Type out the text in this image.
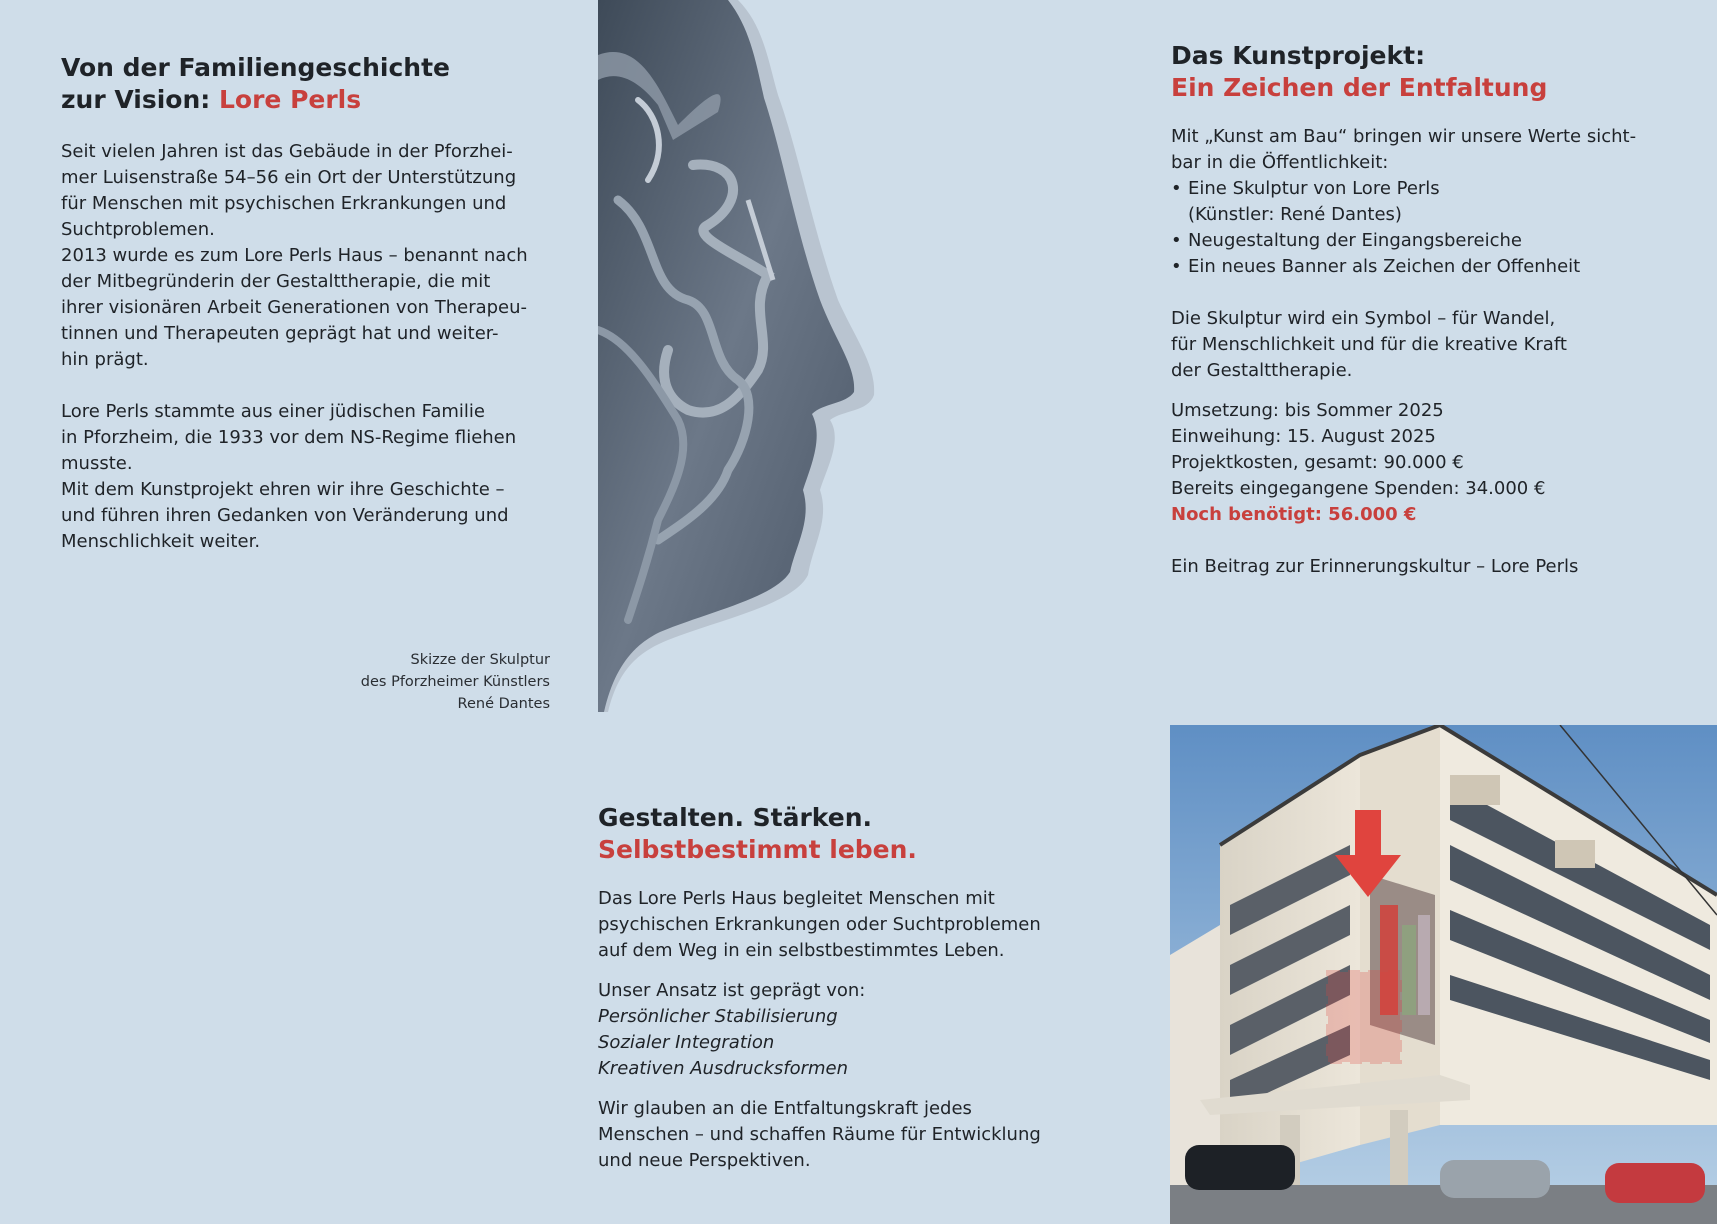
Von der Familiengeschichte
zur Vision: Lore Perls

Seit vielen Jahren ist das Gebäude in der Pforzhei-

mer Luisenstraße 54–56 ein Ort der Unterstützung

für Menschen mit psychischen Erkrankungen und

Suchtproblemen.

2013 wurde es zum Lore Perls Haus – benannt nach

der Mitbegründerin der Gestalttherapie, die mit

ihrer visionären Arbeit Generationen von Therapeu-

tinnen und Therapeuten geprägt hat und weiter-

hin prägt.

Lore Perls stammte aus einer jüdischen Familie

in Pforzheim, die 1933 vor dem NS-Regime fliehen

musste.

Mit dem Kunstprojekt ehren wir ihre Geschichte –

und führen ihren Gedanken von Veränderung und

Menschlichkeit weiter.

Skizze der Skulptur
des Pforzheimer Künstlers
René Dantes
Das Kunstprojekt:
Ein Zeichen der Entfaltung

Mit „Kunst am Bau“ bringen wir unsere Werte sicht-

bar in die Öffentlichkeit:

• Eine Skulptur von Lore Perls
(Künstler: René Dantes)
• Neugestaltung der Eingangsbereiche
• Ein neues Banner als Zeichen der Offenheit

Die Skulptur wird ein Symbol – für Wandel,

für Menschlichkeit und für die kreative Kraft

der Gestalttherapie.

Umsetzung: bis Sommer 2025

Einweihung: 15. August 2025

Projektkosten, gesamt: 90.000 €

Bereits eingegangene Spenden: 34.000 €

Noch benötigt: 56.000 €

Ein Beitrag zur Erinnerungskultur – Lore Perls

Gestalten. Stärken.
Selbstbestimmt leben.

Das Lore Perls Haus begleitet Menschen mit

psychischen Erkrankungen oder Suchtproblemen

auf dem Weg in ein selbstbestimmtes Leben.

Unser Ansatz ist geprägt von:

Persönlicher Stabilisierung

Sozialer Integration

Kreativen Ausdrucksformen

Wir glauben an die Entfaltungskraft jedes

Menschen – und schaffen Räume für Entwicklung

und neue Perspektiven.
